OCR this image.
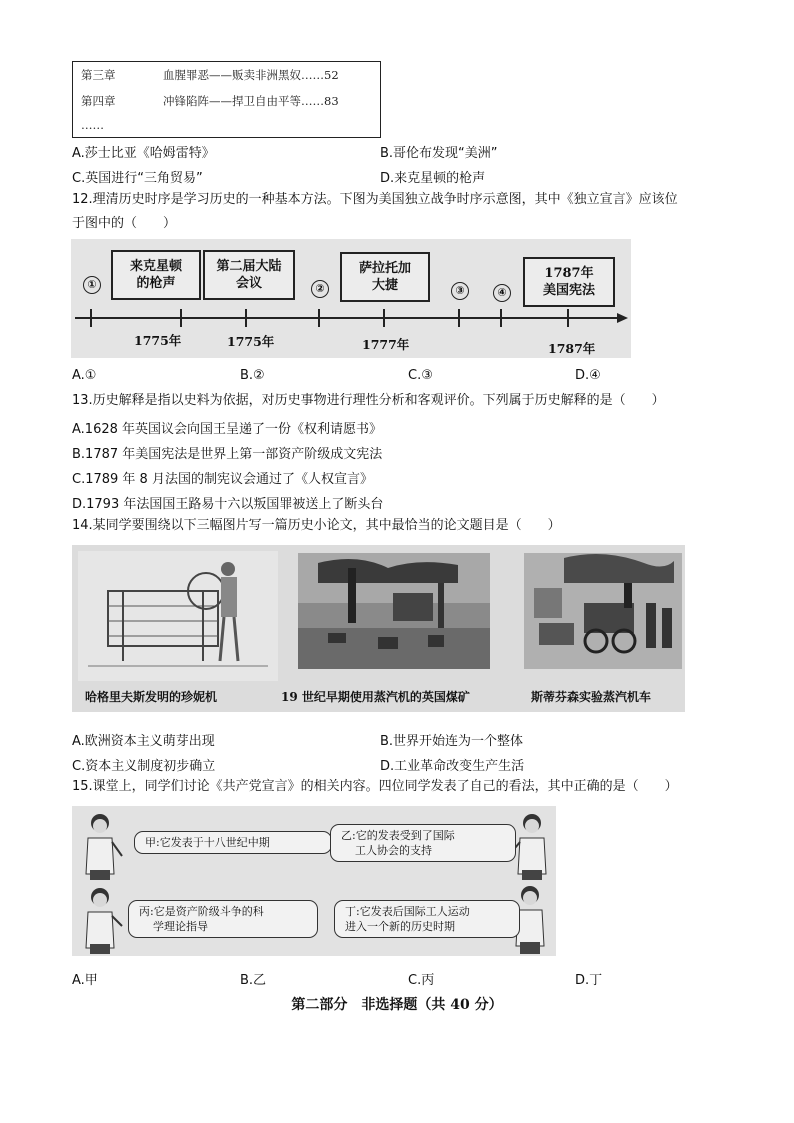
第三章	血腥罪恶——贩卖非洲黑奴……52
第四章	冲锋陷阵——捍卫自由平等……83
……
A.莎士比亚《哈姆雷特》	B.哥伦布发现“美洲”
C.英国进行“三角贸易”	D.来克星顿的枪声
12.理清历史时序是学习历史的一种基本方法。下图为美国独立战争时序示意图，其中《独立宣言》应该位
于图中的（　　）
①
来克星顿的枪声
第二届大陆会议	②
萨拉托加大捷	③	④
1787年美国宪法
1775年	1775年	1777年	1787年
A.①	B.②	C.③	D.④
13.历史解释是指以史料为依据，对历史事物进行理性分析和客观评价。下列属于历史解释的是（　　）
A.1628 年英国议会向国王呈递了一份《权利请愿书》
B.1787 年美国宪法是世界上第一部资产阶级成文宪法
C.1789 年 8 月法国的制宪议会通过了《人权宣言》
D.1793 年法国国王路易十六以叛国罪被送上了断头台
14.某同学要围绕以下三幅图片写一篇历史小论文，其中最恰当的论文题目是（　　）
哈格里夫斯发明的珍妮机	19 世纪早期使用蒸汽机的英国煤矿	斯蒂芬森实验蒸汽机车
A.欧洲资本主义萌芽出现	B.世界开始连为一个整体
C.资本主义制度初步确立	D.工业革命改变生产生活
15.课堂上，同学们讨论《共产党宣言》的相关内容。四位同学发表了自己的看法，其中正确的是（　　）
甲:它发表于十八世纪中期
乙:它的发表受到了国际
工人协会的支持
丙:它是资产阶级斗争的科
学理论指导
丁:它发表后国际工人运动
进入一个新的历史时期
A.甲	B.乙	C.丙	D.丁
第二部分　非选择题（共 40 分）
